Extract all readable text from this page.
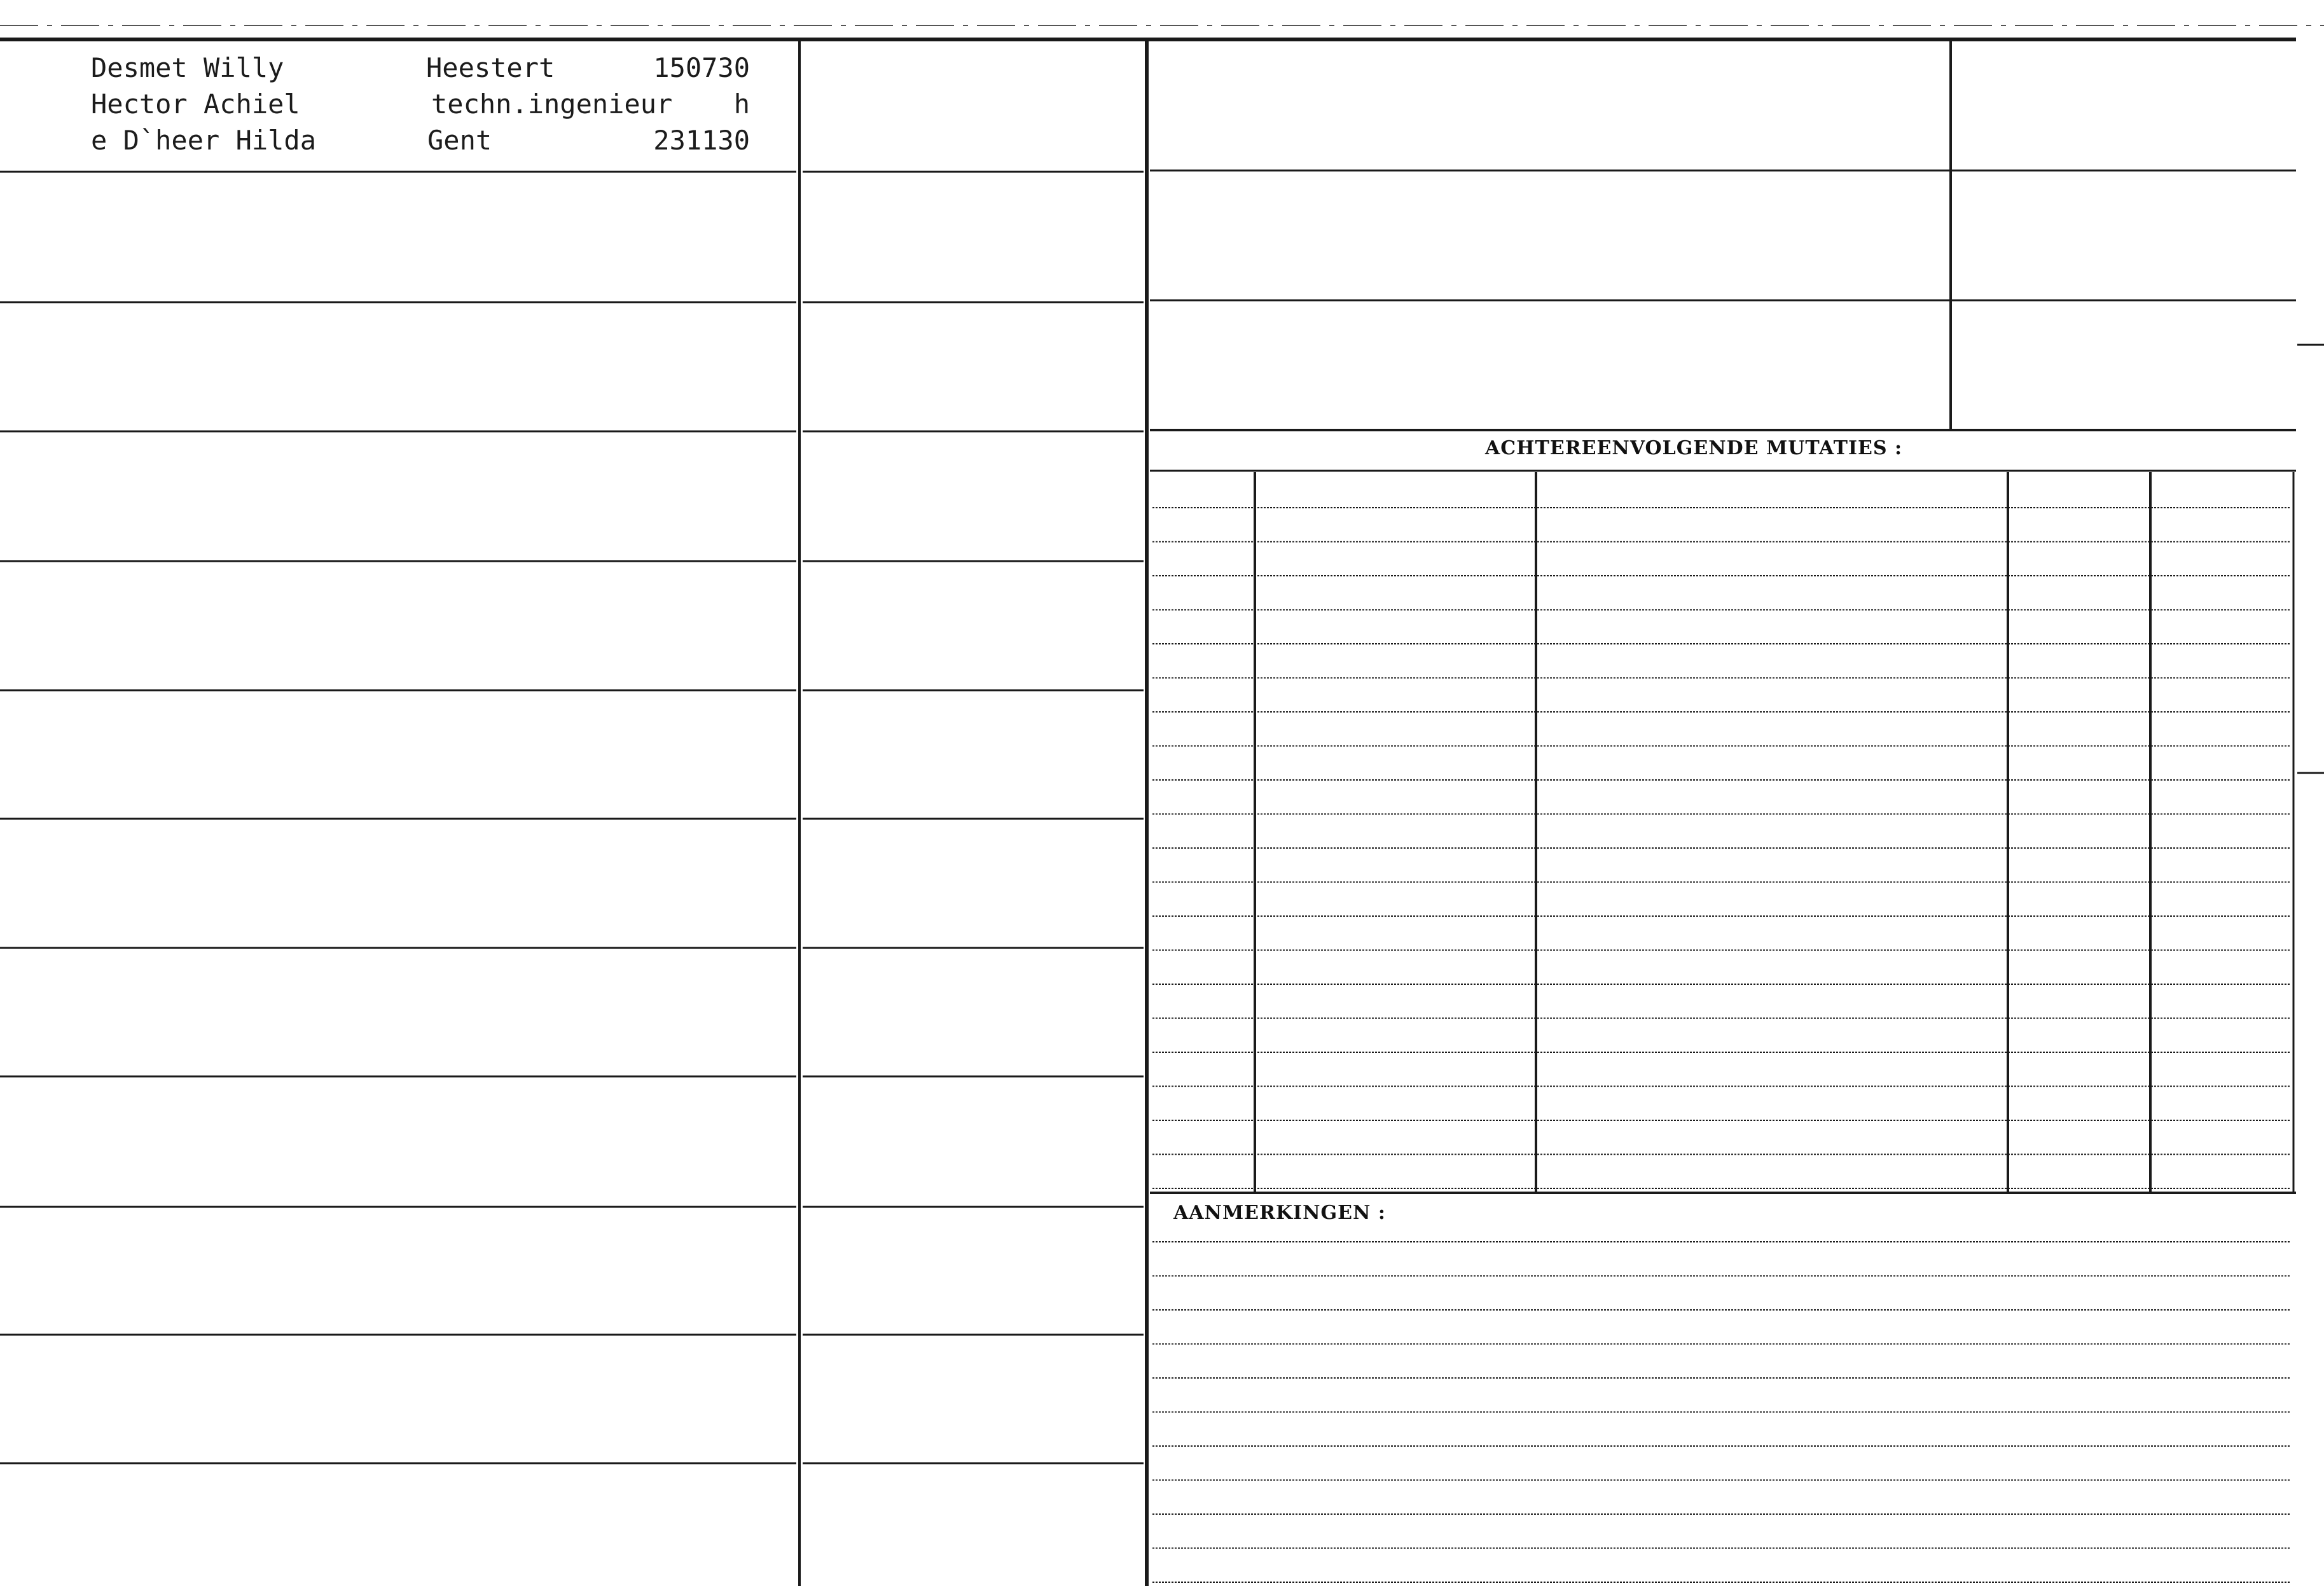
Desmet Willy
Hector Achiel
e D`heer Hilda
Heestert
techn.ingenieur
Gent
150730
h
231130
ACHTEREENVOLGENDE MUTATIES :
AANMERKINGEN :
